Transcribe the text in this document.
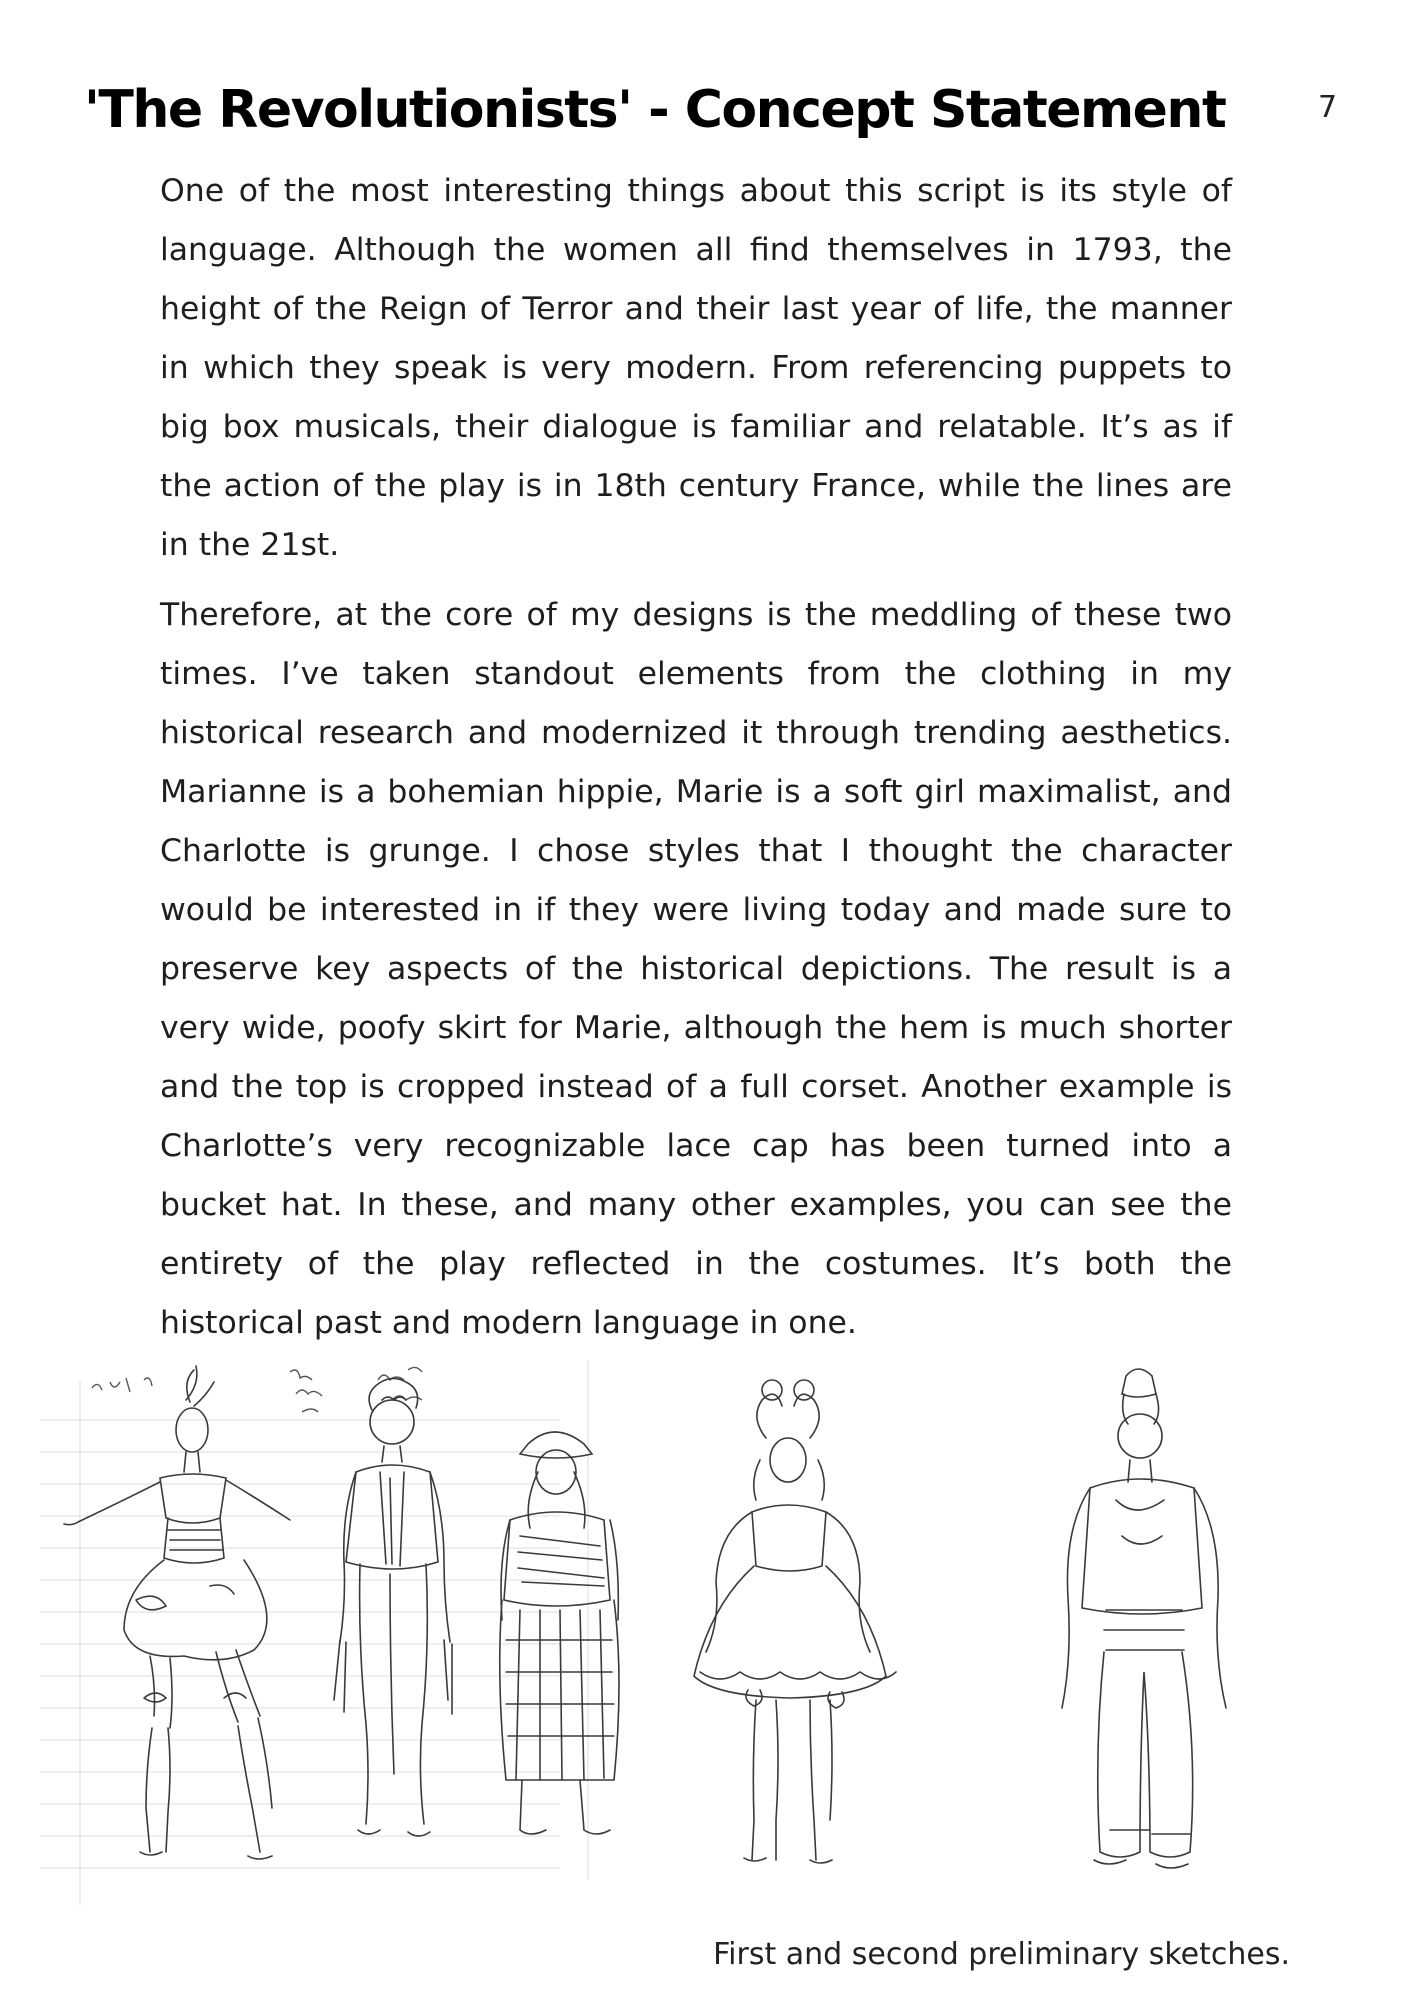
'The Revolutionists' - Concept Statement	7

One of the most interesting things about this script is its style of language. Although the women all find themselves in 1793, the height of the Reign of Terror and their last year of life, the manner in which they speak is very modern. From referencing puppets to big box musicals, their dialogue is familiar and relatable. It’s as if the action of the play is in 18th century France, while the lines are in the 21st.

Therefore, at the core of my designs is the meddling of these two times. I’ve taken standout elements from the clothing in my historical research and modernized it through trending aesthetics. Marianne is a bohemian hippie, Marie is a soft girl maximalist, and Charlotte is grunge. I chose styles that I thought the character would be interested in if they were living today and made sure to preserve key aspects of the historical depictions. The result is a very wide, poofy skirt for Marie, although the hem is much shorter and the top is cropped instead of a full corset. Another example is Charlotte’s very recognizable lace cap has been turned into a bucket hat. In these, and many other examples, you can see the entirety of the play reflected in the costumes. It’s both the historical past and modern language in one.

First and second preliminary sketches.
